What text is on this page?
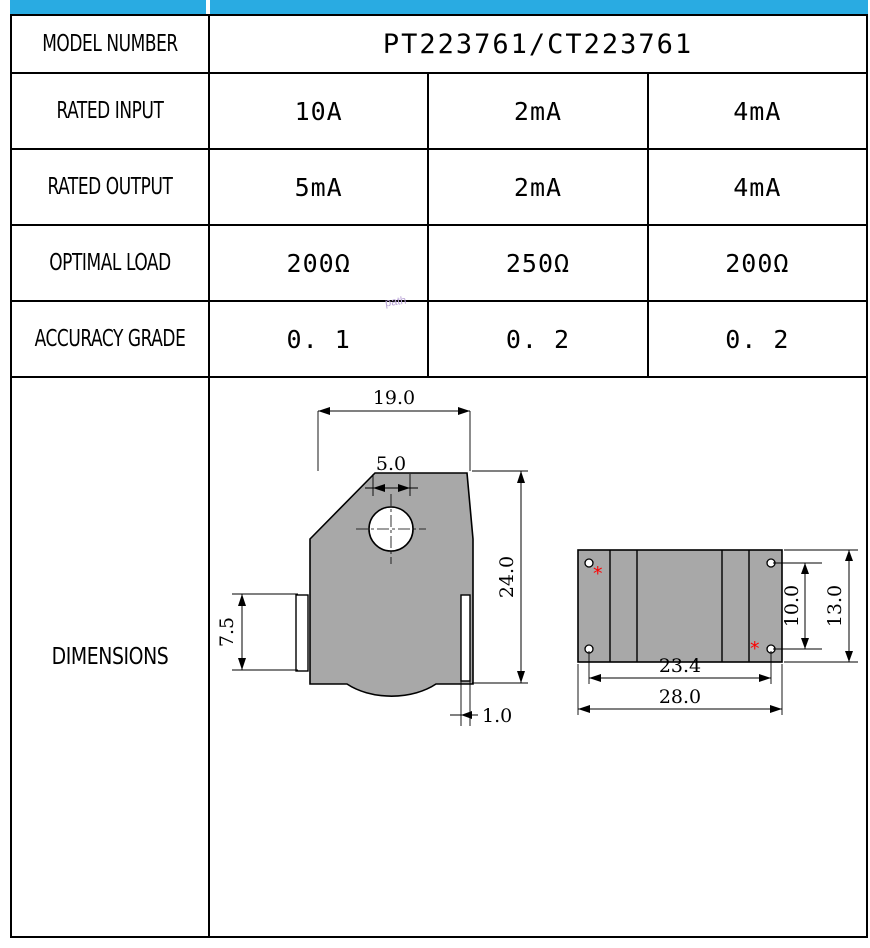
MODEL NUMBER	PT223761/CT223761		

RATED INPUT	10A	2mA	4mA

RATED OUTPUT	5mA	2mA	4mA

OPTIMAL LOAD	200Ω	250Ω	200Ω

ACCURACY GRADE	0. 1	0. 2	0. 2

DIMENSIONS

19.0
5.0
24.0
7.5
1.0
*
*
10.0 13.0
23.4
28.0
path
